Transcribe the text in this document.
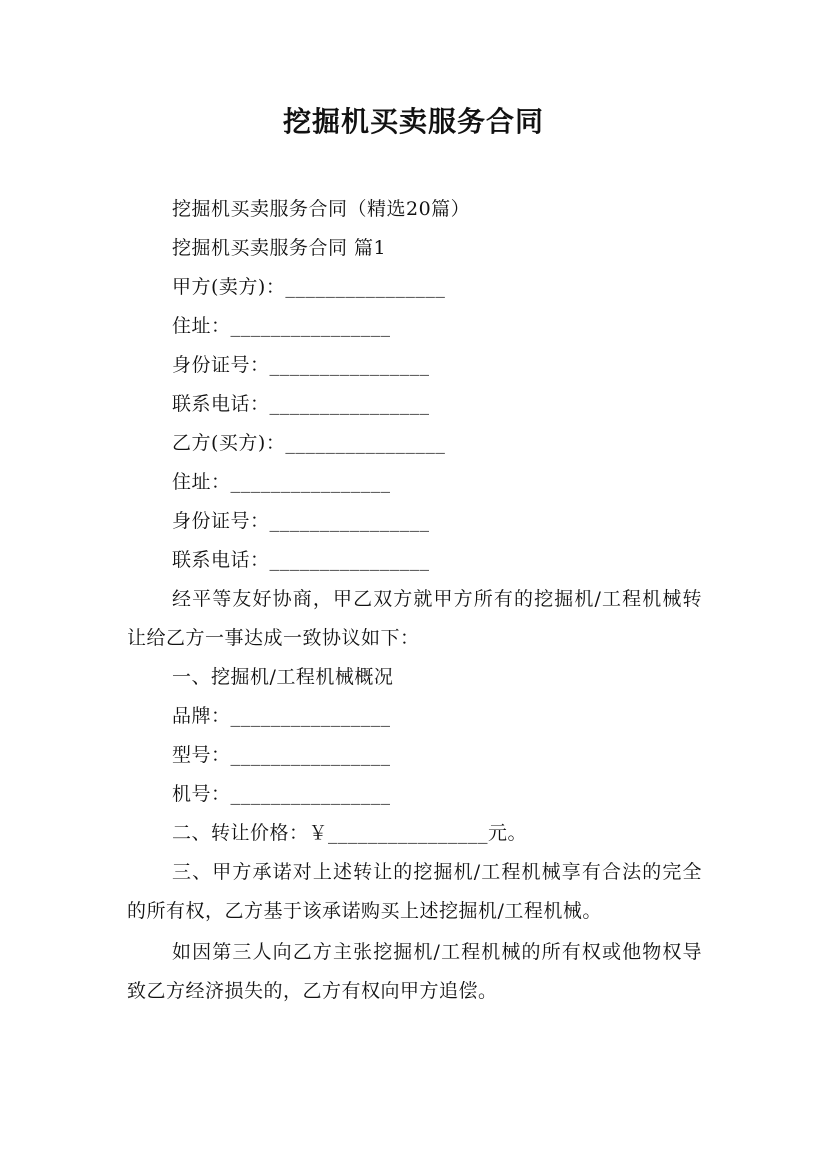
挖掘机买卖服务合同
挖掘机买卖服务合同（精选20篇）
挖掘机买卖服务合同 篇1
甲方(卖方)：________________
住址：________________
身份证号：________________
联系电话：________________
乙方(买方)：________________
住址：________________
身份证号：________________
联系电话：________________
经平等友好协商，甲乙双方就甲方所有的挖掘机/工程机械转让给乙方一事达成一致协议如下：
一、挖掘机/工程机械概况
品牌：________________
型号：________________
机号：________________
二、转让价格：￥________________元。
三、甲方承诺对上述转让的挖掘机/工程机械享有合法的完全的所有权，乙方基于该承诺购买上述挖掘机/工程机械。
如因第三人向乙方主张挖掘机/工程机械的所有权或他物权导致乙方经济损失的，乙方有权向甲方追偿。
